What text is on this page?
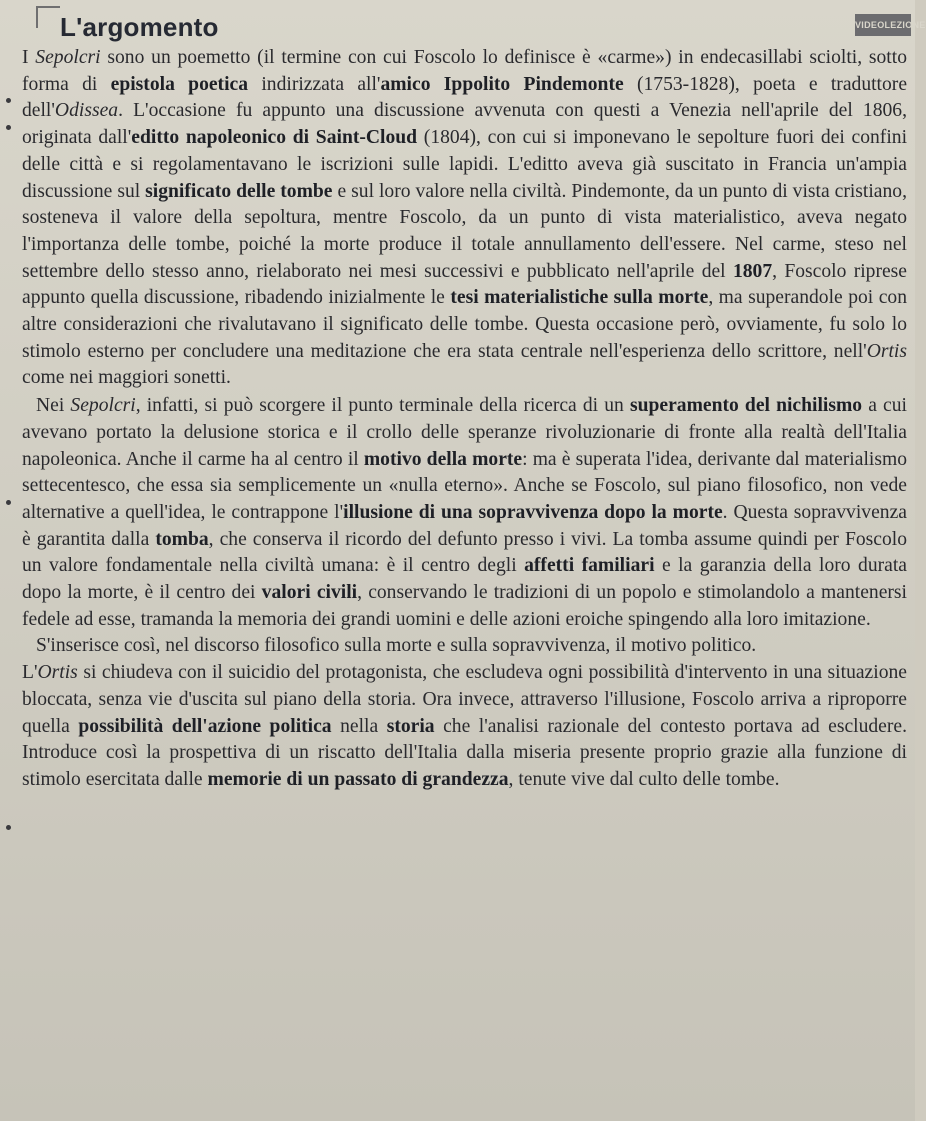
L'argomento	VIDEOLEZIONE

I Sepolcri sono un poemetto (il termine con cui Foscolo lo definisce è «carme») in endecasillabi sciolti, sotto forma di epistola poetica indirizzata all'amico Ippolito Pindemonte (1753-1828), poeta e traduttore dell'Odissea. L'occasione fu appunto una discussione avvenuta con questi a Venezia nell'aprile del 1806, originata dall'editto napoleonico di Saint-Cloud (1804), con cui si imponevano le sepolture fuori dei confini delle città e si regolamentavano le iscrizioni sulle lapidi. L'editto aveva già suscitato in Francia un'ampia discussione sul significato delle tombe e sul loro valore nella civiltà. Pindemonte, da un punto di vista cristiano, sosteneva il valore della sepoltura, mentre Foscolo, da un punto di vista materialistico, aveva negato l'importanza delle tombe, poiché la morte produce il totale annullamento dell'essere. Nel carme, steso nel settembre dello stesso anno, rielaborato nei mesi successivi e pubblicato nell'aprile del 1807, Foscolo riprese appunto quella discussione, ribadendo inizialmente le tesi materialistiche sulla morte, ma superandole poi con altre considerazioni che rivalutavano il significato delle tombe. Questa occasione però, ovviamente, fu solo lo stimolo esterno per concludere una meditazione che era stata centrale nell'esperienza dello scrittore, nell'Ortis come nei maggiori sonetti.

Nei Sepolcri, infatti, si può scorgere il punto terminale della ricerca di un superamento del nichilismo a cui avevano portato la delusione storica e il crollo delle speranze rivoluzionarie di fronte alla realtà dell'Italia napoleonica. Anche il carme ha al centro il motivo della morte: ma è superata l'idea, derivante dal materialismo settecentesco, che essa sia semplicemente un «nulla eterno». Anche se Foscolo, sul piano filosofico, non vede alternative a quell'idea, le contrappone l'illusione di una sopravvivenza dopo la morte. Questa sopravvivenza è garantita dalla tomba, che conserva il ricordo del defunto presso i vivi. La tomba assume quindi per Foscolo un valore fondamentale nella civiltà umana: è il centro degli affetti familiari e la garanzia della loro durata dopo la morte, è il centro dei valori civili, conservando le tradizioni di un popolo e stimolandolo a mantenersi fedele ad esse, tramanda la memoria dei grandi uomini e delle azioni eroiche spingendo alla loro imitazione.

S'inserisce così, nel discorso filosofico sulla morte e sulla sopravvivenza, il motivo politico.

L'Ortis si chiudeva con il suicidio del protagonista, che escludeva ogni possibilità d'intervento in una situazione bloccata, senza vie d'uscita sul piano della storia. Ora invece, attraverso l'illusione, Foscolo arriva a riproporre quella possibilità dell'azione politica nella storia che l'analisi razionale del contesto portava ad escludere. Introduce così la prospettiva di un riscatto dell'Italia dalla miseria presente proprio grazie alla funzione di stimolo esercitata dalle memorie di un passato di grandezza, tenute vive dal culto delle tombe.
